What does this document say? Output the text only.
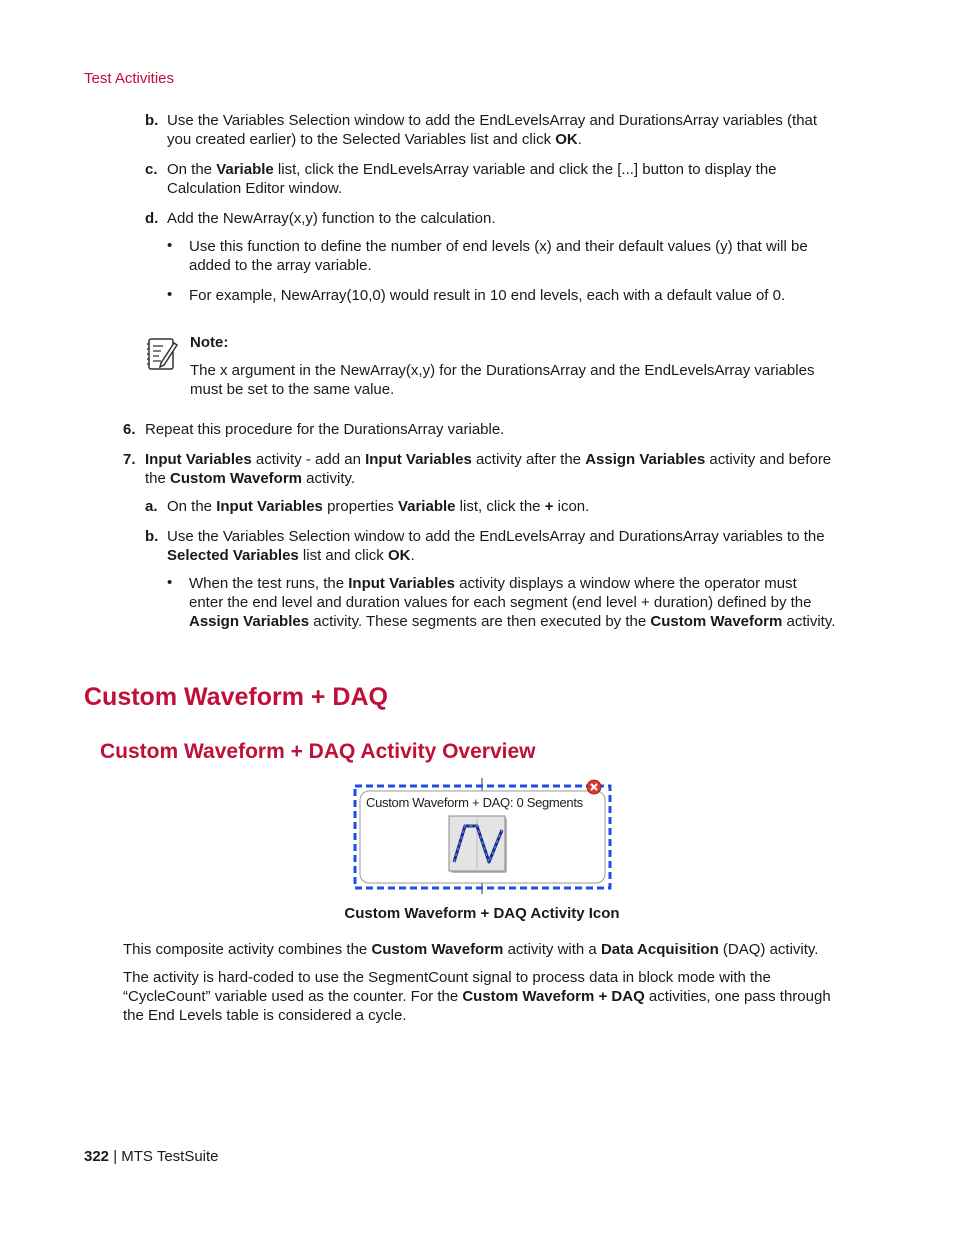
Test Activities
b. Use the Variables Selection window to add the EndLevelsArray and DurationsArray variables (that
you created earlier) to the Selected Variables list and click OK.
c. On the Variable list, click the EndLevelsArray variable and click the [...] button to display the
Calculation Editor window.
d. Add the NewArray(x,y) function to the calculation.
• Use this function to define the number of end levels (x) and their default values (y) that will be
added to the array variable.
• For example, NewArray(10,0) would result in 10 end levels, each with a default value of 0.
Note:
The x argument in the NewArray(x,y) for the DurationsArray and the EndLevelsArray variables
must be set to the same value.
6. Repeat this procedure for the DurationsArray variable.
7. Input Variables activity - add an Input Variables activity after the Assign Variables activity and before
the Custom Waveform activity.
a. On the Input Variables properties Variable list, click the + icon.
b. Use the Variables Selection window to add the EndLevelsArray and DurationsArray variables to the
Selected Variables list and click OK.
• When the test runs, the Input Variables activity displays a window where the operator must
enter the end level and duration values for each segment (end level + duration) defined by the
Assign Variables activity. These segments are then executed by the Custom Waveform activity.
Custom Waveform + DAQ
Custom Waveform + DAQ Activity Overview
Custom Waveform + DAQ: 0 Segments
Custom Waveform + DAQ Activity Icon
This composite activity combines the Custom Waveform activity with a Data Acquisition (DAQ) activity.
The activity is hard-coded to use the SegmentCount signal to process data in block mode with the
“CycleCount” variable used as the counter. For the Custom Waveform + DAQ activities, one pass through
the End Levels table is considered a cycle.
322 | MTS TestSuite
